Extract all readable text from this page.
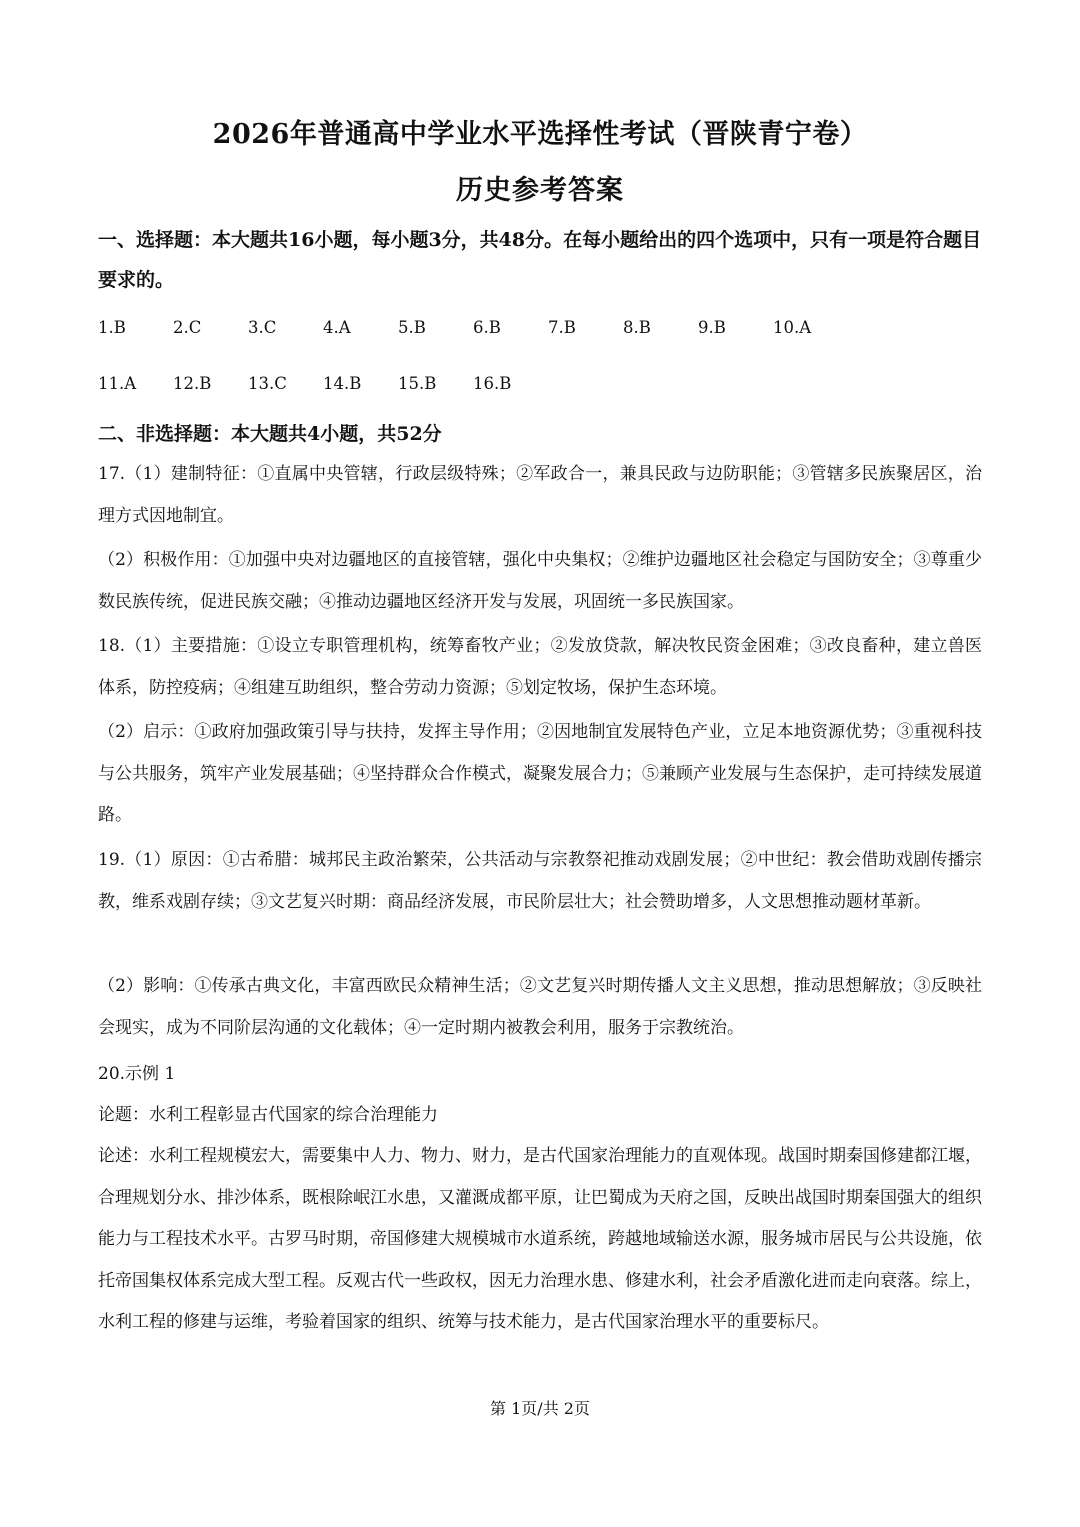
2026年普通高中学业水平选择性考试（晋陕青宁卷）
历史参考答案
一、选择题：本大题共16小题，每小题3分，共48分。在每小题给出的四个选项中，只有一项是符合题目要求的。
1.B	2.C	3.C	4.A	5.B	6.B	7.B	8.B	9.B	10.A
11.A 12.B 13.C 14.B 15.B 16.B
二、非选择题：本大题共4小题，共52分
17.（1）建制特征：①直属中央管辖，行政层级特殊；②军政合一，兼具民政与边防职能；③管辖多民族聚居区，治理方式因地制宜。
（2）积极作用：①加强中央对边疆地区的直接管辖，强化中央集权；②维护边疆地区社会稳定与国防安全；③尊重少数民族传统，促进民族交融；④推动边疆地区经济开发与发展，巩固统一多民族国家。
18.（1）主要措施：①设立专职管理机构，统筹畜牧产业；②发放贷款，解决牧民资金困难；③改良畜种，建立兽医体系，防控疫病；④组建互助组织，整合劳动力资源；⑤划定牧场，保护生态环境。
（2）启示：①政府加强政策引导与扶持，发挥主导作用；②因地制宜发展特色产业，立足本地资源优势；③重视科技与公共服务，筑牢产业发展基础；④坚持群众合作模式，凝聚发展合力；⑤兼顾产业发展与生态保护，走可持续发展道路。
19.（1）原因：①古希腊：城邦民主政治繁荣，公共活动与宗教祭祀推动戏剧发展；②中世纪：教会借助戏剧传播宗教，维系戏剧存续；③文艺复兴时期：商品经济发展，市民阶层壮大；社会赞助增多，人文思想推动题材革新。
（2）影响：①传承古典文化，丰富西欧民众精神生活；②文艺复兴时期传播人文主义思想，推动思想解放；③反映社会现实，成为不同阶层沟通的文化载体；④一定时期内被教会利用，服务于宗教统治。
20.示例 1
论题：水利工程彰显古代国家的综合治理能力
论述：水利工程规模宏大，需要集中人力、物力、财力，是古代国家治理能力的直观体现。战国时期秦国修建都江堰，合理规划分水、排沙体系，既根除岷江水患，又灌溉成都平原，让巴蜀成为天府之国，反映出战国时期秦国强大的组织能力与工程技术水平。古罗马时期，帝国修建大规模城市水道系统，跨越地域输送水源，服务城市居民与公共设施，依托帝国集权体系完成大型工程。反观古代一些政权，因无力治理水患、修建水利，社会矛盾激化进而走向衰落。综上，水利工程的修建与运维，考验着国家的组织、统筹与技术能力，是古代国家治理水平的重要标尺。
第 1页/共 2页
